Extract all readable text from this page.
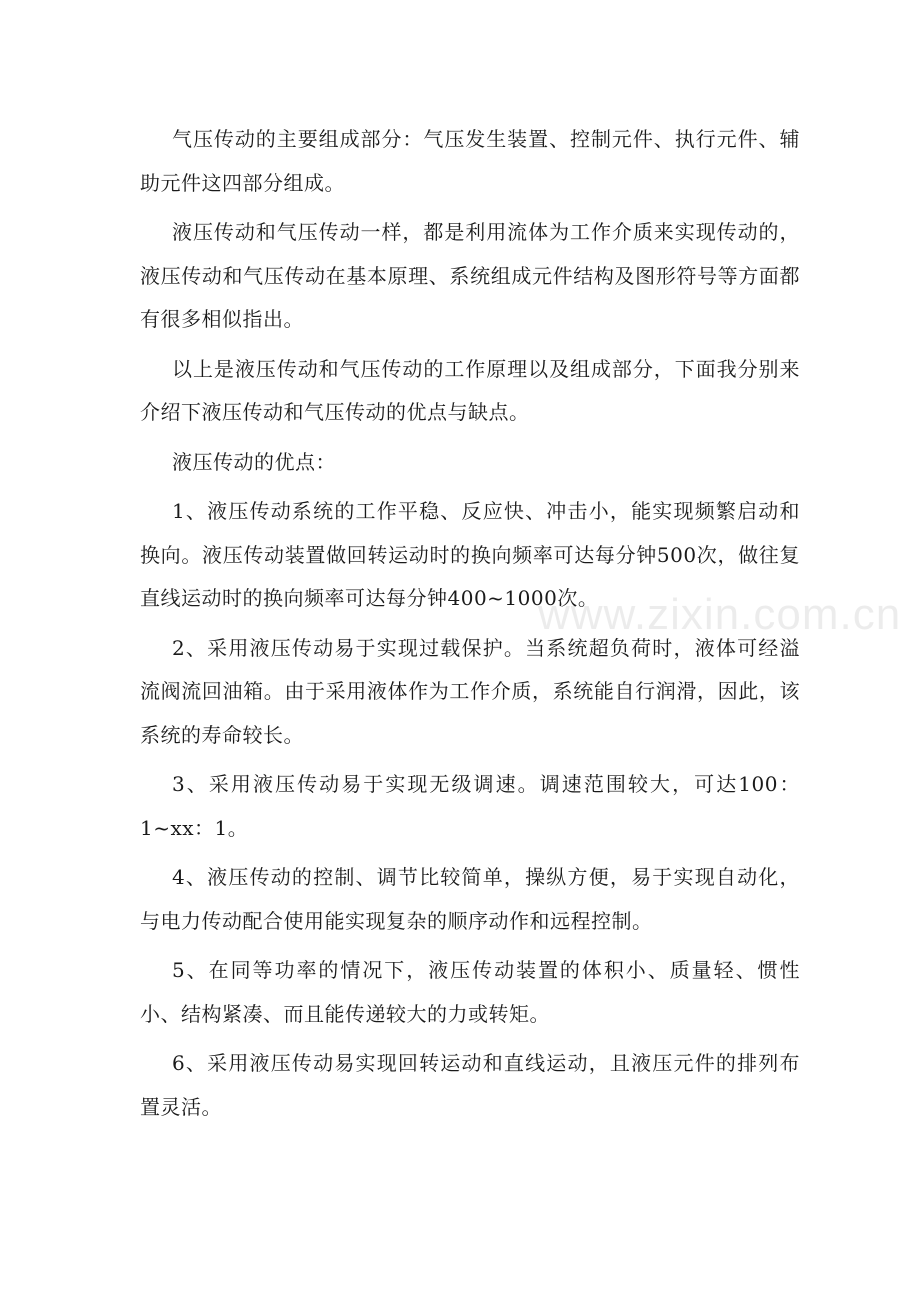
气压传动的主要组成部分：气压发生装置、控制元件、执行元件、辅助元件这四部分组成。

液压传动和气压传动一样，都是利用流体为工作介质来实现传动的，液压传动和气压传动在基本原理、系统组成元件结构及图形符号等方面都有很多相似指出。

以上是液压传动和气压传动的工作原理以及组成部分，下面我分别来介绍下液压传动和气压传动的优点与缺点。

液压传动的优点：

1、液压传动系统的工作平稳、反应快、冲击小，能实现频繁启动和换向。液压传动装置做回转运动时的换向频率可达每分钟500次，做往复直线运动时的换向频率可达每分钟400~1000次。

2、采用液压传动易于实现过载保护。当系统超负荷时，液体可经溢流阀流回油箱。由于采用液体作为工作介质，系统能自行润滑，因此，该系统的寿命较长。

3、采用液压传动易于实现无级调速。调速范围较大，可达100：1~xx：1。

4、液压传动的控制、调节比较简单，操纵方便，易于实现自动化，与电力传动配合使用能实现复杂的顺序动作和远程控制。

5、在同等功率的情况下，液压传动装置的体积小、质量轻、惯性小、结构紧凑、而且能传递较大的力或转矩。

6、采用液压传动易实现回转运动和直线运动，且液压元件的排列布置灵活。

www.zixin.com.cn
